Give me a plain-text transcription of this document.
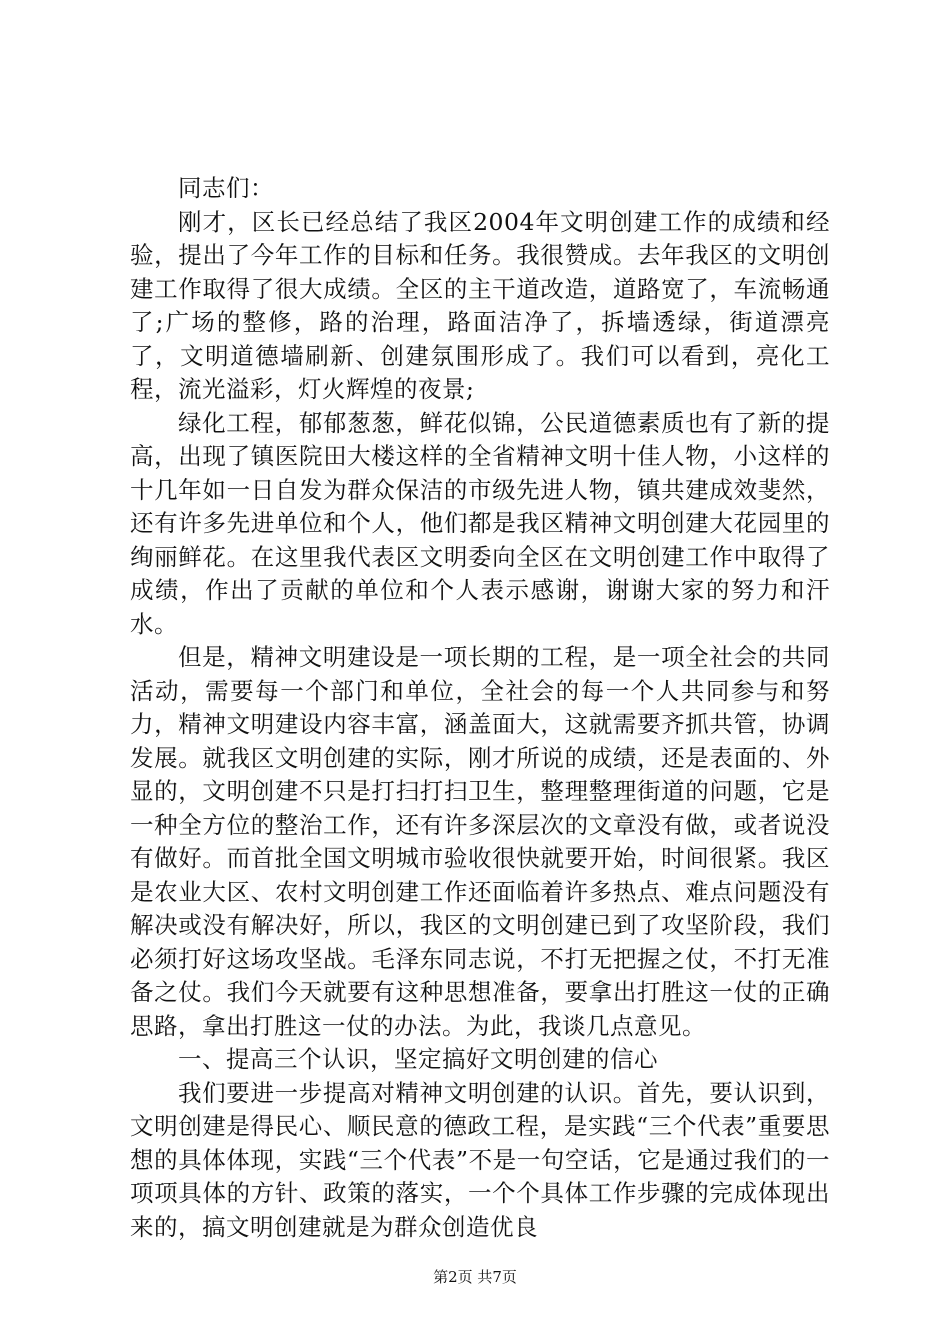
同志们：

刚才，区长已经总结了我区2004年文明创建工作的成绩和经验，提出了今年工作的目标和任务。我很赞成。去年我区的文明创建工作取得了很大成绩。全区的主干道改造，道路宽了，车流畅通了;广场的整修，路的治理，路面洁净了，拆墙透绿，街道漂亮了，文明道德墙刷新、创建氛围形成了。我们可以看到，亮化工程，流光溢彩，灯火辉煌的夜景;

绿化工程，郁郁葱葱，鲜花似锦，公民道德素质也有了新的提高，出现了镇医院田大楼这样的全省精神文明十佳人物，小这样的十几年如一日自发为群众保洁的市级先进人物，镇共建成效斐然，还有许多先进单位和个人，他们都是我区精神文明创建大花园里的绚丽鲜花。在这里我代表区文明委向全区在文明创建工作中取得了成绩，作出了贡献的单位和个人表示感谢，谢谢大家的努力和汗水。

但是，精神文明建设是一项长期的工程，是一项全社会的共同活动，需要每一个部门和单位，全社会的每一个人共同参与和努力，精神文明建设内容丰富，涵盖面大，这就需要齐抓共管，协调发展。就我区文明创建的实际，刚才所说的成绩，还是表面的、外显的，文明创建不只是打扫打扫卫生，整理整理街道的问题，它是一种全方位的整治工作，还有许多深层次的文章没有做，或者说没有做好。而首批全国文明城市验收很快就要开始，时间很紧。我区是农业大区、农村文明创建工作还面临着许多热点、难点问题没有解决或没有解决好，所以，我区的文明创建已到了攻坚阶段，我们必须打好这场攻坚战。毛泽东同志说，不打无把握之仗，不打无准备之仗。我们今天就要有这种思想准备，要拿出打胜这一仗的正确思路，拿出打胜这一仗的办法。为此，我谈几点意见。

一、提高三个认识，坚定搞好文明创建的信心

我们要进一步提高对精神文明创建的认识。首先，要认识到，文明创建是得民心、顺民意的德政工程，是实践“三个代表”重要思想的具体体现，实践“三个代表”不是一句空话，它是通过我们的一项项具体的方针、政策的落实，一个个具体工作步骤的完成体现出来的，搞文明创建就是为群众创造优良

第2页 共7页
